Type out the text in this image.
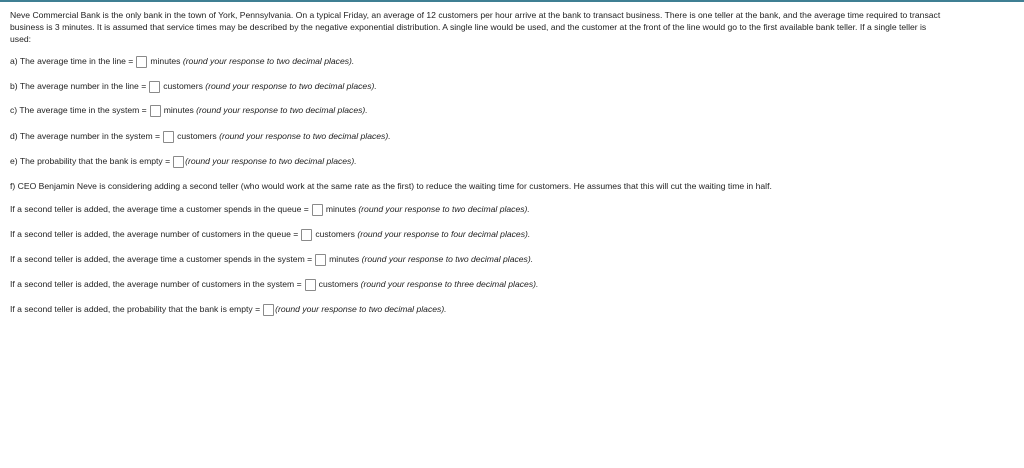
Neve Commercial Bank is the only bank in the town of York, Pennsylvania. On a typical Friday, an average of 12 customers per hour arrive at the bank to transact business. There is one teller at the bank, and the average time required to transact
business is 3 minutes. It is assumed that service times may be described by the negative exponential distribution. A single line would be used, and the customer at the front of the line would go to the first available bank teller. If a single teller is
used:
a) The average time in the line = minutes
(round your response to two decimal places).
b) The average number in the line = customers
(round your response to two decimal places).
c) The average time in the system = minutes
(round your response to two decimal places).
d) The average number in the system = customers
(round your response to two decimal places).
e) The probability that the bank is empty = (round your response to two decimal places).
f) CEO Benjamin Neve is considering adding a second teller (who would work at the same rate as the first) to reduce the waiting time for customers. He assumes that this will cut the waiting time in half.
If a second teller is added, the average time a customer spends in the queue = minutes
(round your response to two decimal places).
If a second teller is added, the average number of customers in the queue = customers
(round your response to four decimal places).
If a second teller is added, the average time a customer spends in the system = minutes
(round your response to two decimal places).
If a second teller is added, the average number of customers in the system = customers
(round your response to three decimal places).
If a second teller is added, the probability that the bank is empty = (round your response to two decimal places).
